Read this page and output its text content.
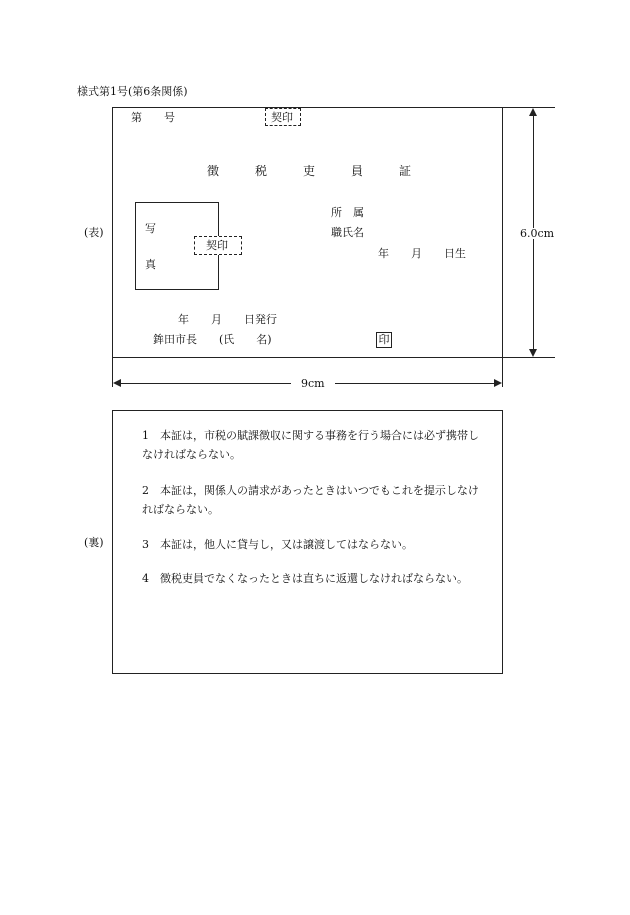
様式第1号(第6条関係)
(表)
第　　号	契印
徴　　　税　　　吏　　　員　　　証
写
真
契印
所　属
職氏名
年　　月　　日生
年　　月　　日発行
鉾田市長　　(氏　　名)	印
6.0cm
9cm
(裏)
1　本証は，市税の賦課徴収に関する事務を行う場合には必ず携帯しなければならない。
2　本証は，関係人の請求があったときはいつでもこれを提示しなければならない。
3　本証は，他人に貸与し，又は譲渡してはならない。
4　徴税吏員でなくなったときは直ちに返還しなければならない。
